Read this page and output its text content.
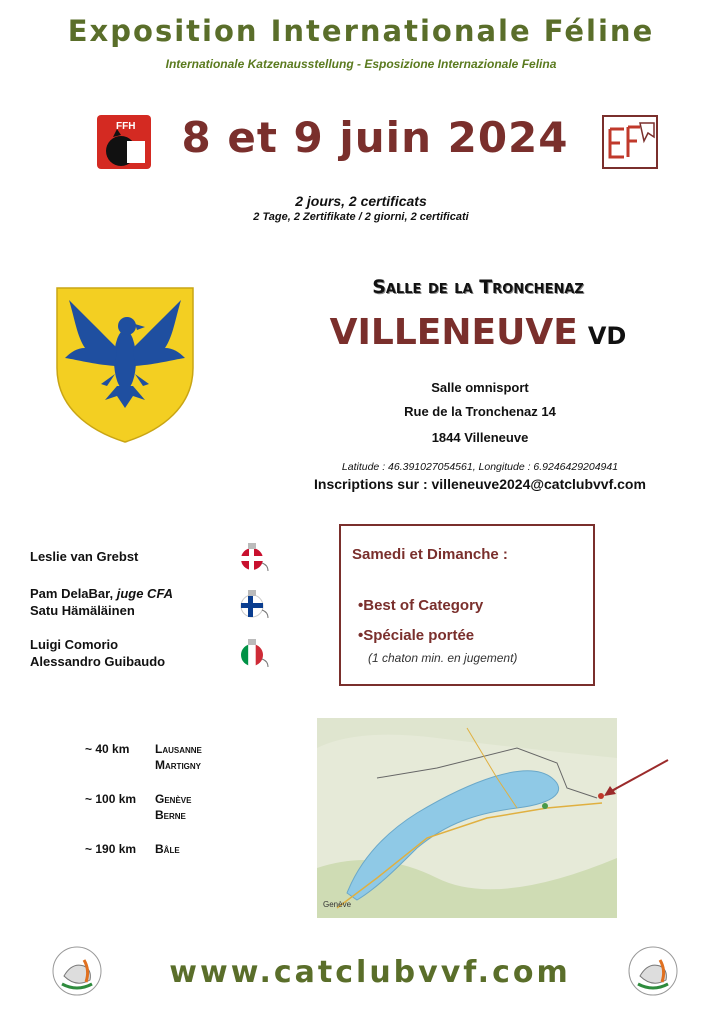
Exposition Internationale Féline
Internationale Katzenausstellung - Esposizione Internazionale Felina
FFH	8 et 9 juin 2024
2 jours, 2 certificats
2 Tage, 2 Zertifikate / 2 giorni, 2 certificati
Salle de la Tronchenaz
VILLENEUVE VD
Salle omnisport
Rue de la Tronchenaz 14
1844 Villeneuve
Latitude : 46.391027054561, Longitude : 6.9246429204941
Inscriptions sur : villeneuve2024@catclubvvf.com
Leslie van Grebst
Pam DelaBar, juge CFA
Satu Hämäläinen
Luigi Comorio
Alessandro Guibaudo
Samedi et Dimanche :
•Best of Category
•Spéciale portée
(1 chaton min. en jugement)
~ 40 km Lausanne
Martigny
~ 100 km Genève
Berne
~ 190 km Bâle
Genève
www.catclubvvf.com
